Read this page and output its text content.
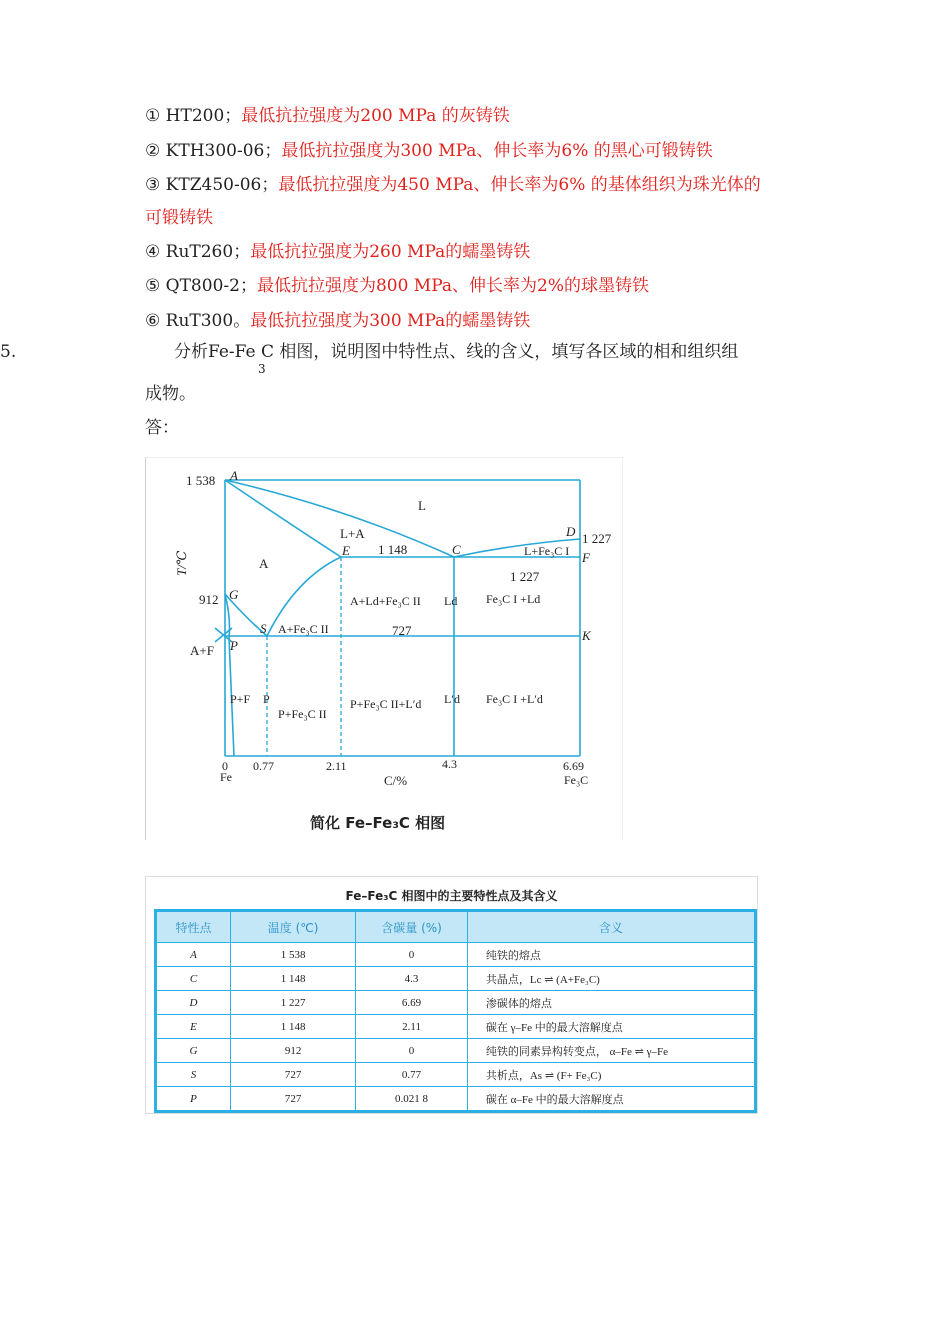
① HT200；最低抗拉强度为200 MPa 的灰铸铁
② KTH300-06；最低抗拉强度为300 MPa、伸长率为6% 的黑心可锻铸铁
③ KTZ450-06；最低抗拉强度为450 MPa、伸长率为6% 的基体组织为珠光体的
可锻铸铁
④ RuT260；最低抗拉强度为260 MPa的蠕墨铸铁
⑤ QT800-2；最低抗拉强度为800 MPa、伸长率为2%的球墨铸铁
⑥ RuT300。最低抗拉强度为300 MPa的蠕墨铸铁
5.	分析Fe-Fe C 相图，说明图中特性点、线的含义，填写各区域的相和组织组
3
成物。
答：
1 538 A
L
D 1 227
L+A
E 1 148	C	L+Fe₃C I F
1 227
T/℃	A
912 G	A+Ld+Fe₃C II Ld Fe₃C I +Ld
S A+Fe₃C II	727	K
A+F P
P+F P
P+Fe₃C II
P+Fe₃C II+L′d L′d Fe₃C I +L′d
0
Fe
0.77	2.11	4.3
C/%
6.69
Fe₃C
简化 Fe–Fe₃C 相图
Fe–Fe₃C 相图中的主要特性点及其含义
特性点	温度 (℃)	含碳量 (%)	含义
A	1 538	0	纯铁的熔点
C	1 148	4.3	共晶点，Lc ⇌ (A+Fe₃C)
D	1 227	6.69	渗碳体的熔点
E	1 148	2.11	碳在 γ–Fe 中的最大溶解度点
G	912	0	纯铁的同素异构转变点， α–Fe ⇌ γ–Fe
S	727	0.77	共析点，As ⇌ (F+ Fe₃C)
P	727	0.021 8	碳在 α–Fe 中的最大溶解度点
